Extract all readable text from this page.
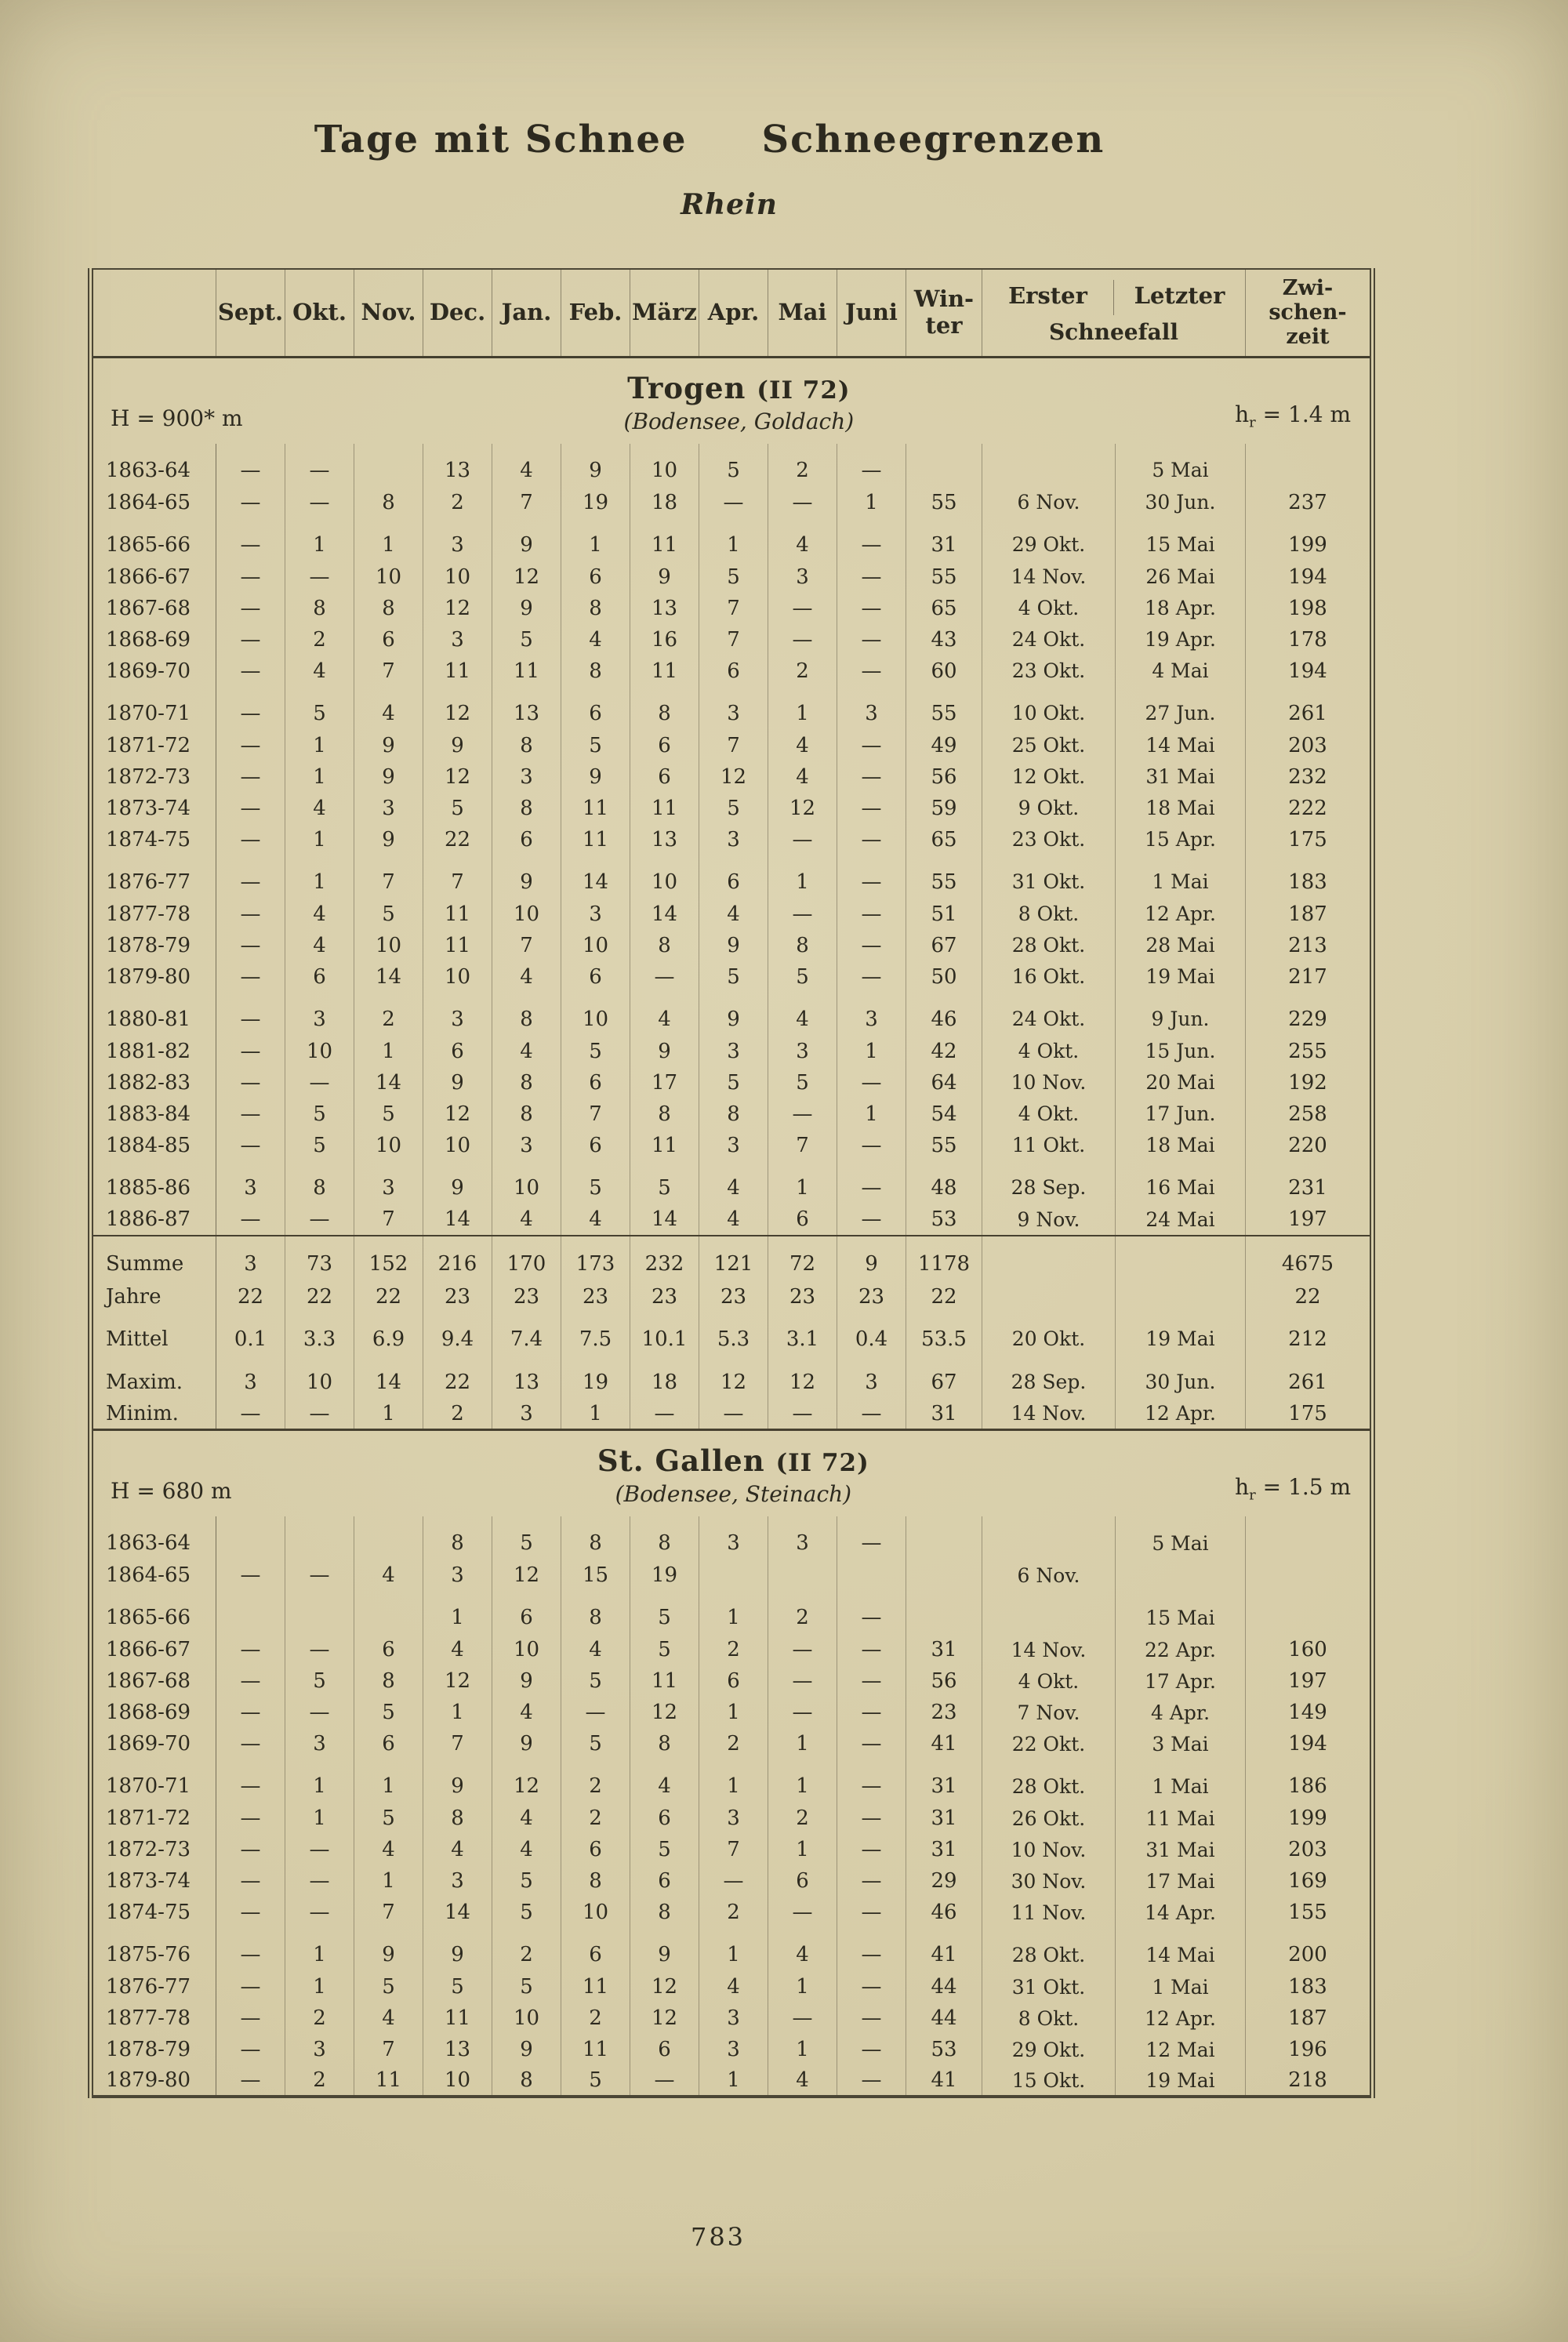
Tage mit Schnee Schneegrenzen
Rhein
	Sept.	Okt.	Nov.	Dec.	Jan.	Feb.	März	Apr.	Mai	Juni	Win-
ter

Erster	Letzter
Schneefall

Zwi-
schen-
zeit

H = 900* m
Trogen (II 72)
(Bodensee, Goldach) $h_r = 1.4$ m														

1863-64	—	—		13	4	9	10	5	2	—			5 Mai	
1864-65	—	—	8	2	7	19	18	—	—	1	55	6 Nov.	30 Jun.	237
1865-66	—	1	1	3	9	1	11	1	4	—	31	29 Okt.	15 Mai	199
1866-67	—	—	10	10	12	6	9	5	3	—	55	14 Nov.	26 Mai	194
1867-68	—	8	8	12	9	8	13	7	—	—	65	4 Okt.	18 Apr.	198
1868-69	—	2	6	3	5	4	16	7	—	—	43	24 Okt.	19 Apr.	178
1869-70	—	4	7	11	11	8	11	6	2	—	60	23 Okt.	4 Mai	194
1870-71	—	5	4	12	13	6	8	3	1	3	55	10 Okt.	27 Jun.	261
1871-72	—	1	9	9	8	5	6	7	4	—	49	25 Okt.	14 Mai	203
1872-73	—	1	9	12	3	9	6	12	4	—	56	12 Okt.	31 Mai	232
1873-74	—	4	3	5	8	11	11	5	12	—	59	9 Okt.	18 Mai	222
1874-75	—	1	9	22	6	11	13	3	—	—	65	23 Okt.	15 Apr.	175
1876-77	—	1	7	7	9	14	10	6	1	—	55	31 Okt.	1 Mai	183
1877-78	—	4	5	11	10	3	14	4	—	—	51	8 Okt.	12 Apr.	187
1878-79	—	4	10	11	7	10	8	9	8	—	67	28 Okt.	28 Mai	213
1879-80	—	6	14	10	4	6	—	5	5	—	50	16 Okt.	19 Mai	217
1880-81	—	3	2	3	8	10	4	9	4	3	46	24 Okt.	9 Jun.	229
1881-82	—	10	1	6	4	5	9	3	3	1	42	4 Okt.	15 Jun.	255
1882-83	—	—	14	9	8	6	17	5	5	—	64	10 Nov.	20 Mai	192
1883-84	—	5	5	12	8	7	8	8	—	1	54	4 Okt.	17 Jun.	258
1884-85	—	5	10	10	3	6	11	3	7	—	55	11 Okt.	18 Mai	220
1885-86	3	8	3	9	10	5	5	4	1	—	48	28 Sep.	16 Mai	231
1886-87	—	—	7	14	4	4	14	4	6	—	53	9 Nov.	24 Mai	197
Summe	3	73	152	216	170	173	232	121	72	9	1178			4675
Jahre	22	22	22	23	23	23	23	23	23	23	22			22
Mittel	0.1	3.3	6.9	9.4	7.4	7.5	10.1	5.3	3.1	0.4	53.5	20 Okt.	19 Mai	212
Maxim.	3	10	14	22	13	19	18	12	12	3	67	28 Sep.	30 Jun.	261
Minim.	—	—	1	2	3	1	—	—	—	—	31	14 Nov.	12 Apr.	175

H = 680 m
St. Gallen (II 72)
(Bodensee, Steinach) $h_r = 1.5$ m														

1863-64				8	5	8	8	3	3	—			5 Mai	
1864-65	—	—	4	3	12	15	19					6 Nov.		
1865-66				1	6	8	5	1	2	—			15 Mai	
1866-67	—	—	6	4	10	4	5	2	—	—	31	14 Nov.	22 Apr.	160
1867-68	—	5	8	12	9	5	11	6	—	—	56	4 Okt.	17 Apr.	197
1868-69	—	—	5	1	4	—	12	1	—	—	23	7 Nov.	4 Apr.	149
1869-70	—	3	6	7	9	5	8	2	1	—	41	22 Okt.	3 Mai	194
1870-71	—	1	1	9	12	2	4	1	1	—	31	28 Okt.	1 Mai	186
1871-72	—	1	5	8	4	2	6	3	2	—	31	26 Okt.	11 Mai	199
1872-73	—	—	4	4	4	6	5	7	1	—	31	10 Nov.	31 Mai	203
1873-74	—	—	1	3	5	8	6	—	6	—	29	30 Nov.	17 Mai	169
1874-75	—	—	7	14	5	10	8	2	—	—	46	11 Nov.	14 Apr.	155
1875-76	—	1	9	9	2	6	9	1	4	—	41	28 Okt.	14 Mai	200
1876-77	—	1	5	5	5	11	12	4	1	—	44	31 Okt.	1 Mai	183
1877-78	—	2	4	11	10	2	12	3	—	—	44	8 Okt.	12 Apr.	187
1878-79	—	3	7	13	9	11	6	3	1	—	53	29 Okt.	12 Mai	196
1879-80	—	2	11	10	8	5	—	1	4	—	41	15 Okt.	19 Mai	218
783
